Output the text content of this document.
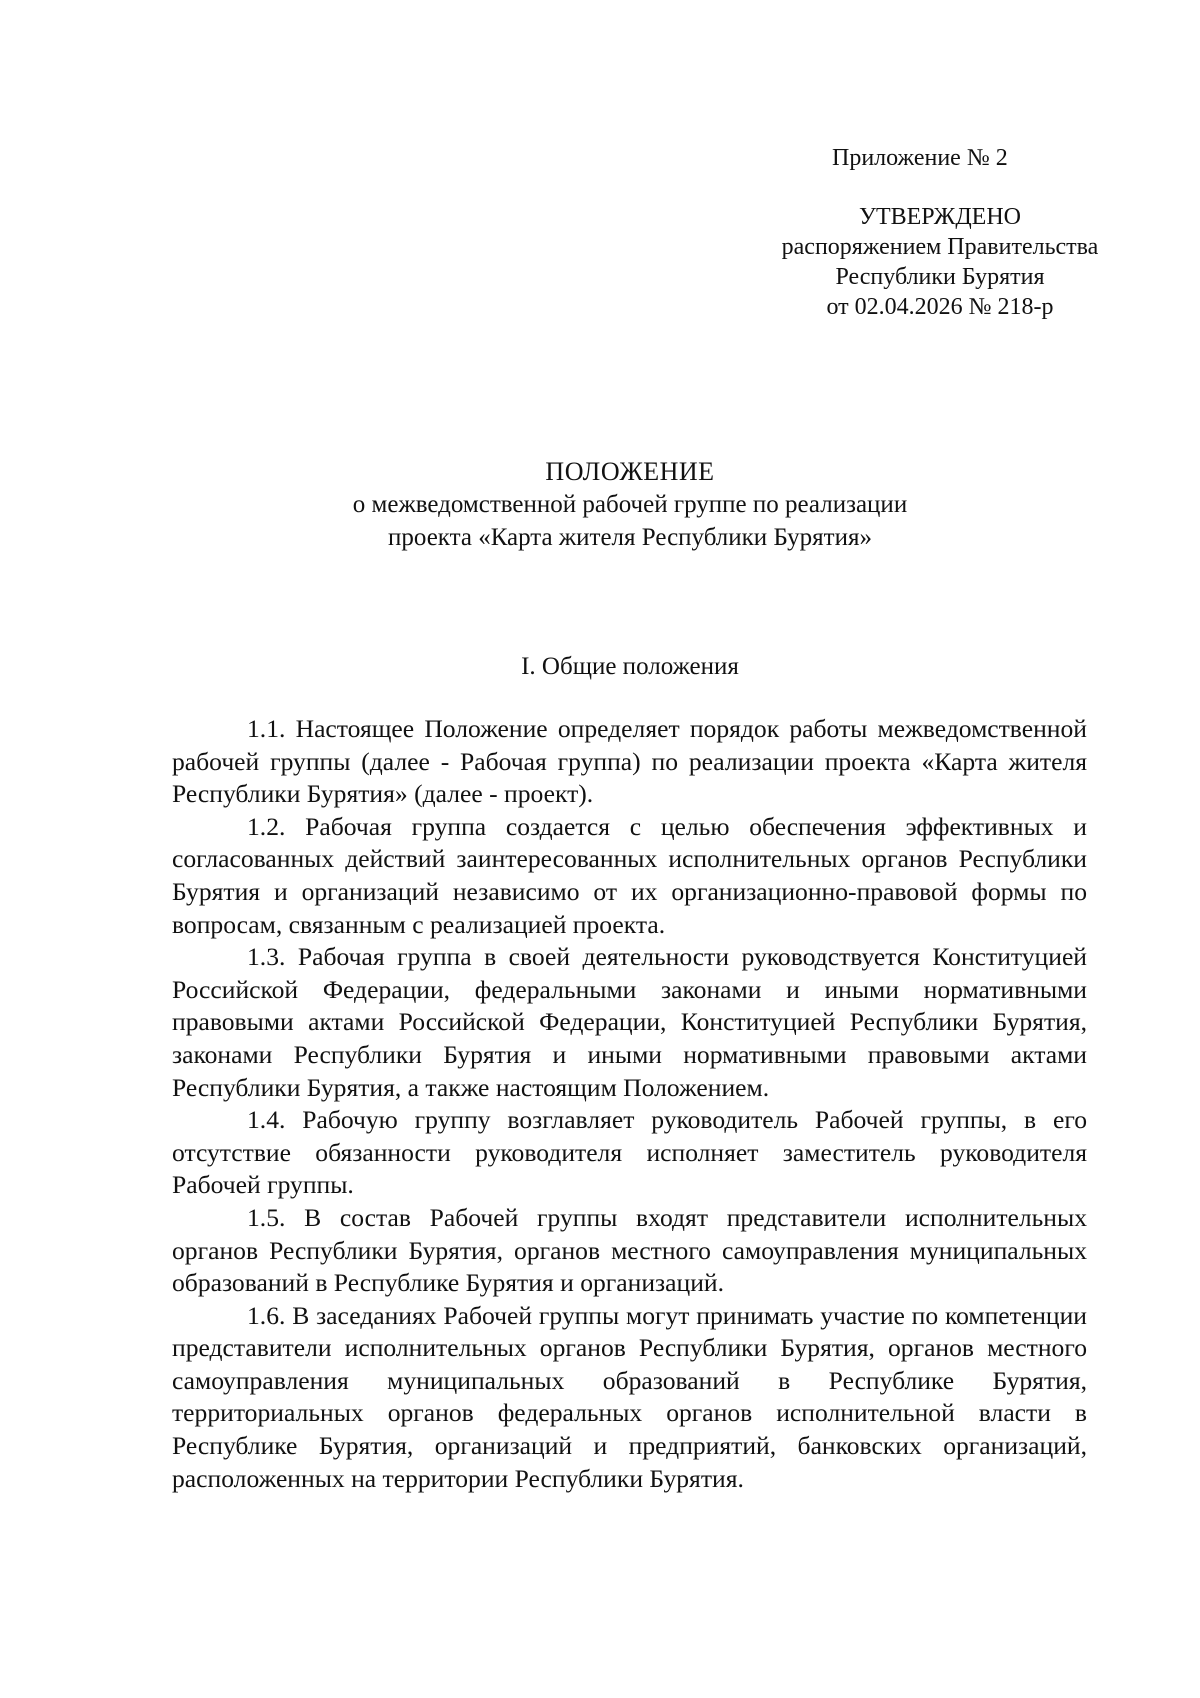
Приложение № 2
УТВЕРЖДЕНО
распоряжением Правительства
Республики Бурятия
от 02.04.2026 № 218-р
ПОЛОЖЕНИЕ
о межведомственной рабочей группе по реализации
проекта «Карта жителя Республики Бурятия»
I. Общие положения

1.1. Настоящее Положение определяет порядок работы межведомственной рабочей группы (далее - Рабочая группа) по реализации проекта «Карта жителя Республики Бурятия» (далее - проект).

1.2. Рабочая группа создается с целью обеспечения эффективных и согласованных действий заинтересованных исполнительных органов Республики Бурятия и организаций независимо от их организационно-правовой формы по вопросам, связанным с реализацией проекта.

1.3. Рабочая группа в своей деятельности руководствуется Конституцией Российской Федерации, федеральными законами и иными нормативными правовыми актами Российской Федерации, Конституцией Республики Бурятия, законами Республики Бурятия и иными нормативными правовыми актами Республики Бурятия, а также настоящим Положением.

1.4. Рабочую группу возглавляет руководитель Рабочей группы, в его отсутствие обязанности руководителя исполняет заместитель руководителя Рабочей группы.

1.5. В состав Рабочей группы входят представители исполнительных органов Республики Бурятия, органов местного самоуправления муниципальных образований в Республике Бурятия и организаций.

1.6. В заседаниях Рабочей группы могут принимать участие по компетенции представители исполнительных органов Республики Бурятия, органов местного самоуправления муниципальных образований в Республике Бурятия, территориальных органов федеральных органов исполнительной власти в Республике Бурятия, организаций и предприятий, банковских организаций, расположенных на территории Республики Бурятия.
